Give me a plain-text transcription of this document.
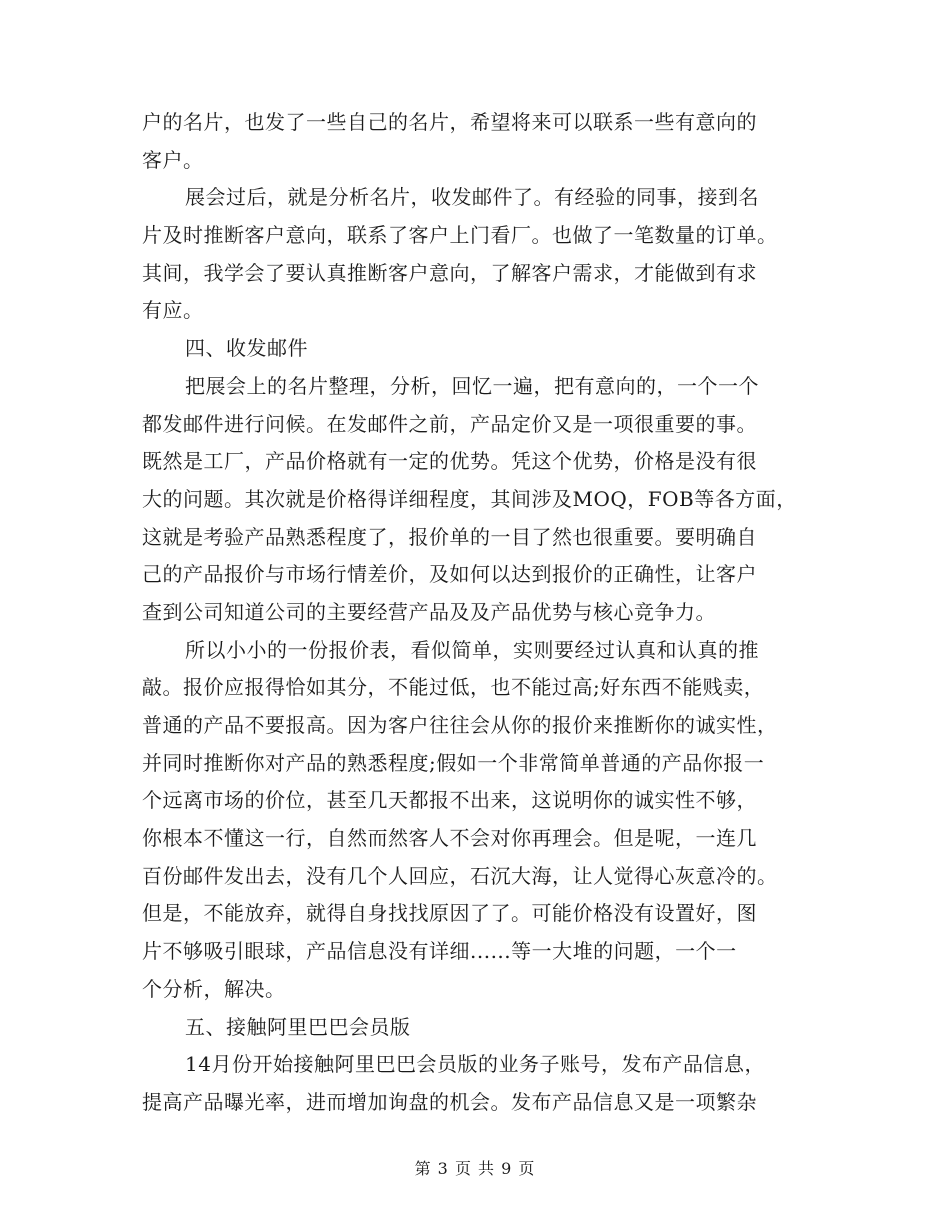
户的名片，也发了一些自己的名片，希望将来可以联系一些有意向的
客户。
展会过后，就是分析名片，收发邮件了。有经验的同事，接到名
片及时推断客户意向，联系了客户上门看厂。也做了一笔数量的订单。
其间，我学会了要认真推断客户意向，了解客户需求，才能做到有求
有应。
四、收发邮件
把展会上的名片整理，分析，回忆一遍，把有意向的，一个一个
都发邮件进行问候。在发邮件之前，产品定价又是一项很重要的事。
既然是工厂，产品价格就有一定的优势。凭这个优势，价格是没有很
大的问题。其次就是价格得详细程度，其间涉及MOQ，FOB等各方面，
这就是考验产品熟悉程度了，报价单的一目了然也很重要。要明确自
己的产品报价与市场行情差价，及如何以达到报价的正确性，让客户
查到公司知道公司的主要经营产品及及产品优势与核心竞争力。
所以小小的一份报价表，看似简单，实则要经过认真和认真的推
敲。报价应报得恰如其分，不能过低，也不能过高;好东西不能贱卖，
普通的产品不要报高。因为客户往往会从你的报价来推断你的诚实性，
并同时推断你对产品的熟悉程度;假如一个非常简单普通的产品你报一
个远离市场的价位，甚至几天都报不出来，这说明你的诚实性不够，
你根本不懂这一行，自然而然客人不会对你再理会。但是呢，一连几
百份邮件发出去，没有几个人回应，石沉大海，让人觉得心灰意冷的。
但是，不能放弃，就得自身找找原因了了。可能价格没有设置好，图
片不够吸引眼球，产品信息没有详细......等一大堆的问题，一个一
个分析，解决。
五、接触阿里巴巴会员版
14月份开始接触阿里巴巴会员版的业务子账号，发布产品信息，
提高产品曝光率，进而增加询盘的机会。发布产品信息又是一项繁杂
第 3 页 共 9 页
